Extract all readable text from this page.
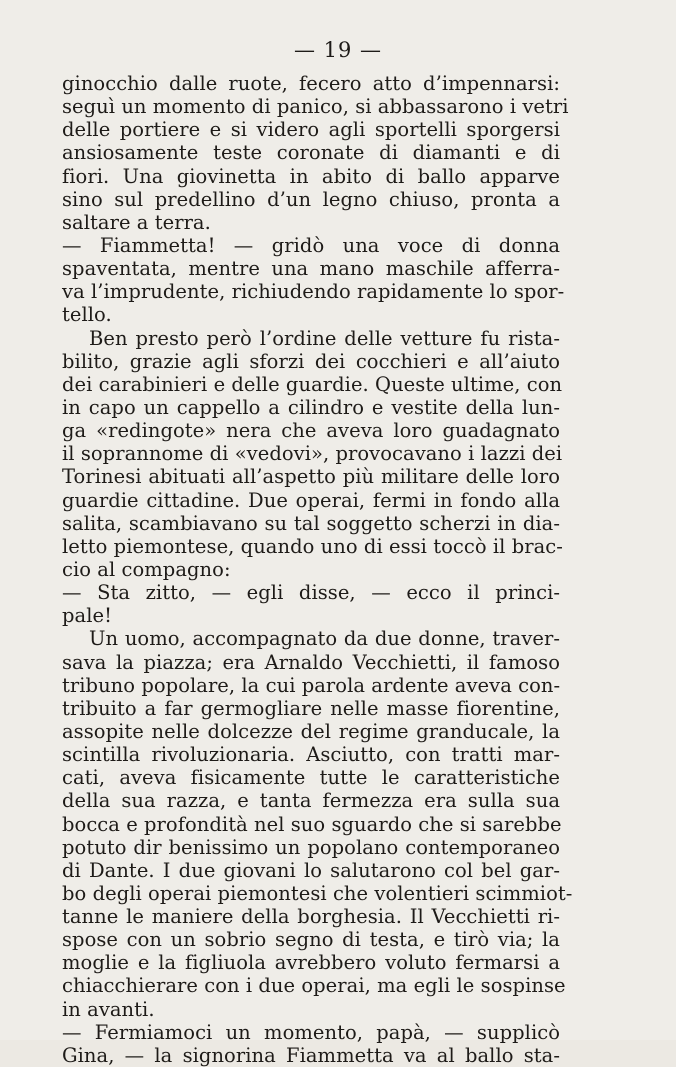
— 19 —
ginocchio dalle ruote, fecero atto d’impennarsi:
seguì un momento di panico, si abbassarono i vetri
delle portiere e si videro agli sportelli sporgersi
ansiosamente teste coronate di diamanti e di
fiori. Una giovinetta in abito di ballo apparve
sino sul predellino d’un legno chiuso, pronta a
saltare a terra.
— Fiammetta! — gridò una voce di donna
spaventata, mentre una mano maschile afferra-
va l’imprudente, richiudendo rapidamente lo spor-
tello.
Ben presto però l’ordine delle vetture fu rista-
bilito, grazie agli sforzi dei cocchieri e all’aiuto
dei carabinieri e delle guardie. Queste ultime, con
in capo un cappello a cilindro e vestite della lun-
ga «redingote» nera che aveva loro guadagnato
il soprannome di «vedovi», provocavano i lazzi dei
Torinesi abituati all’aspetto più militare delle loro
guardie cittadine. Due operai, fermi in fondo alla
salita, scambiavano su tal soggetto scherzi in dia-
letto piemontese, quando uno di essi toccò il brac-
cio al compagno:
— Sta zitto, — egli disse, — ecco il princi-
pale!
Un uomo, accompagnato da due donne, traver-
sava la piazza; era Arnaldo Vecchietti, il famoso
tribuno popolare, la cui parola ardente aveva con-
tribuito a far germogliare nelle masse fiorentine,
assopite nelle dolcezze del regime granducale, la
scintilla rivoluzionaria. Asciutto, con tratti mar-
cati, aveva fisicamente tutte le caratteristiche
della sua razza, e tanta fermezza era sulla sua
bocca e profondità nel suo sguardo che si sarebbe
potuto dir benissimo un popolano contemporaneo
di Dante. I due giovani lo salutarono col bel gar-
bo degli operai piemontesi che volentieri scimmiot-
tanne le maniere della borghesia. Il Vecchietti ri-
spose con un sobrio segno di testa, e tirò via; la
moglie e la figliuola avrebbero voluto fermarsi a
chiacchierare con i due operai, ma egli le sospinse
in avanti.
— Fermiamoci un momento, papà, — supplicò
Gina, — la signorina Fiammetta va al ballo sta-
